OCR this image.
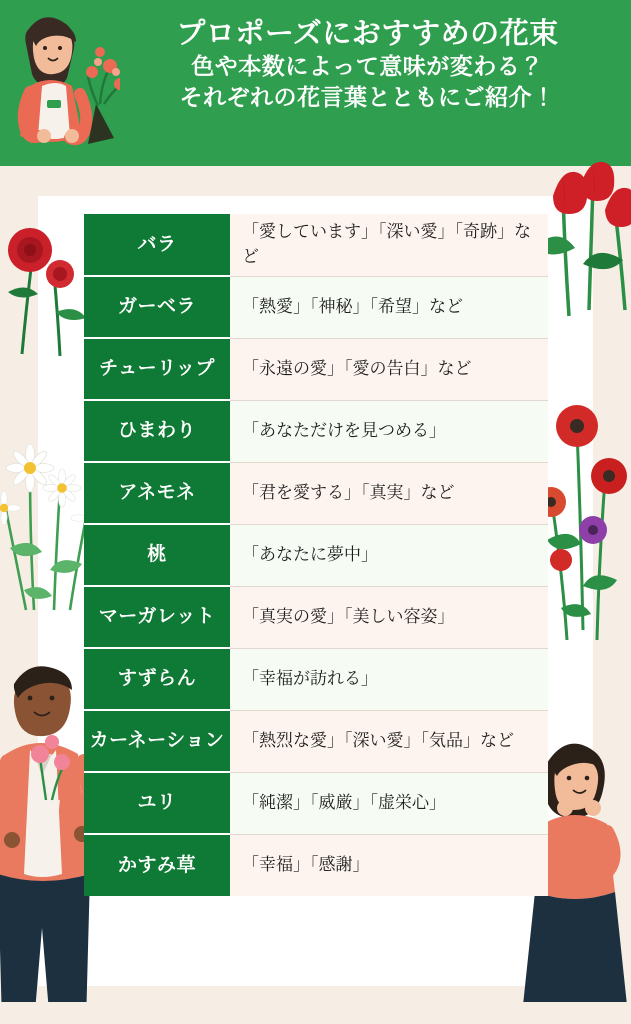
プロポーズにおすすめの花束
色や本数によって意味が変わる？
それぞれの花言葉とともにご紹介！
バラ	「愛しています」「深い愛」「奇跡」など
ガーベラ	「熱愛」「神秘」「希望」など
チューリップ	「永遠の愛」「愛の告白」など
ひまわり	「あなただけを見つめる」
アネモネ	「君を愛する」「真実」など
桃	「あなたに夢中」
マーガレット	「真実の愛」「美しい容姿」
すずらん	「幸福が訪れる」
カーネーション	「熱烈な愛」「深い愛」「気品」など
ユリ	「純潔」「威厳」「虚栄心」
かすみ草	「幸福」「感謝」
